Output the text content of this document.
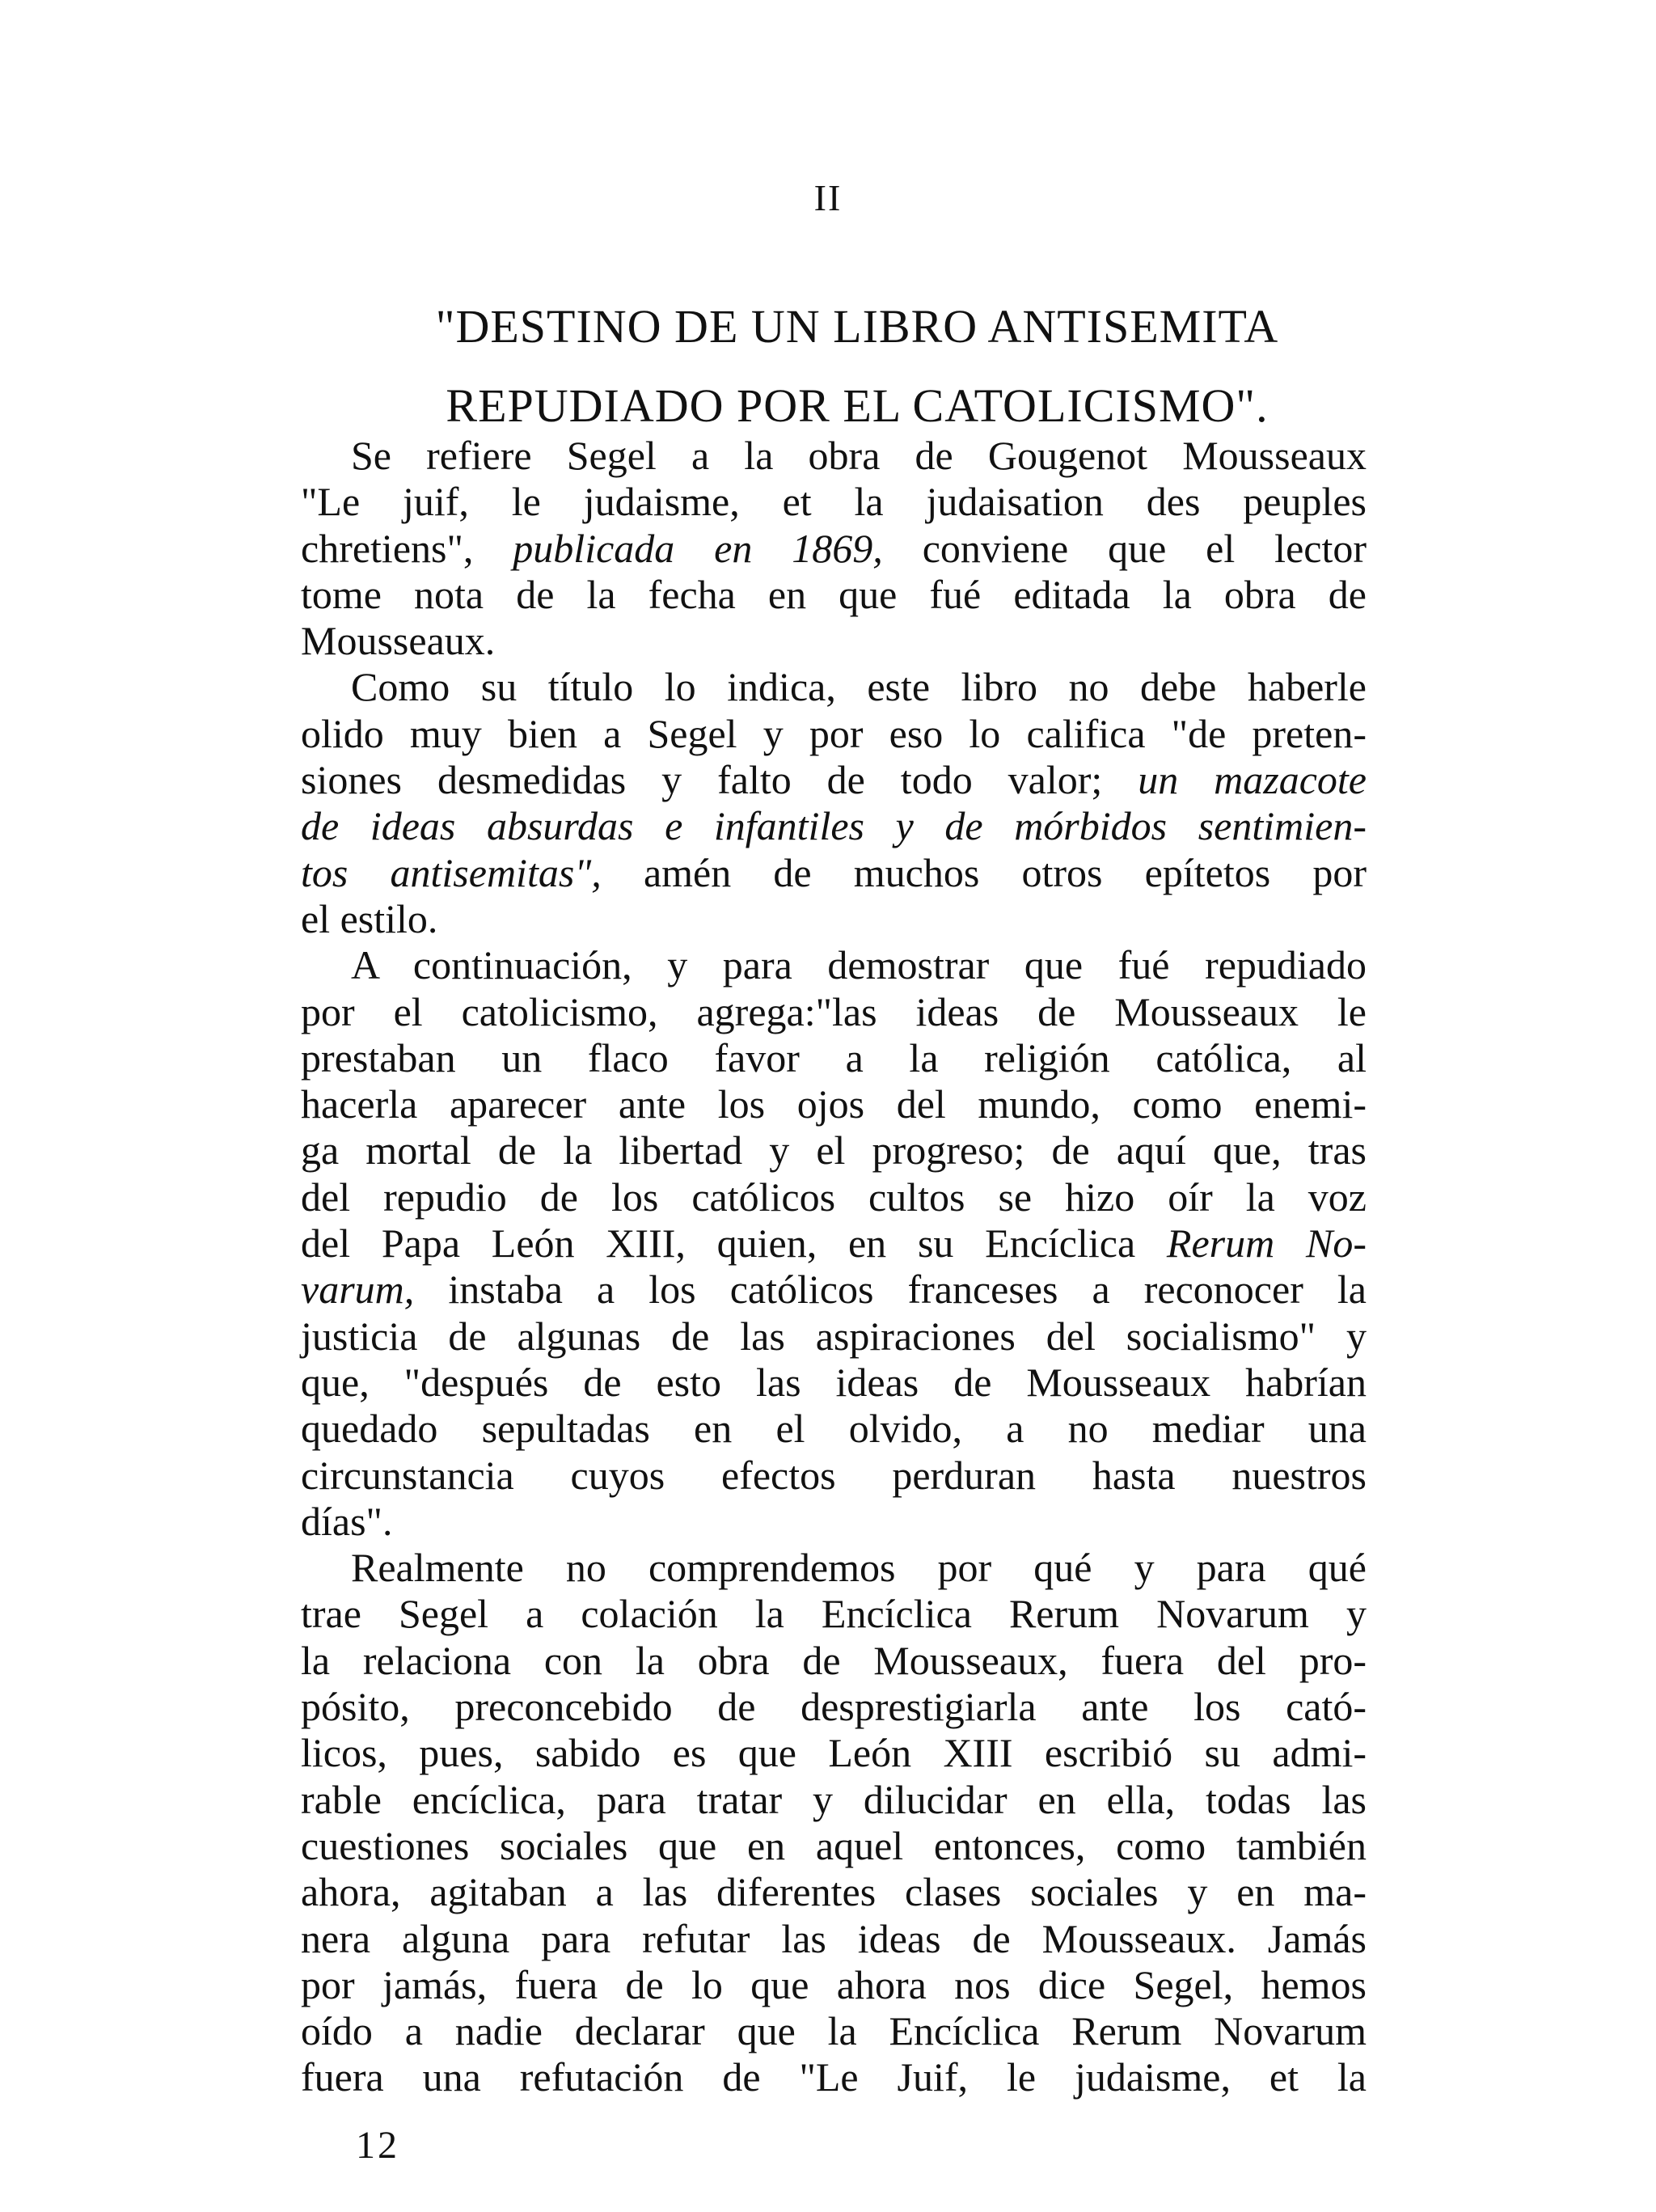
II
"DESTINO DE UN LIBRO ANTISEMITA
REPUDIADO POR EL CATOLICISMO".
Se refiere Segel a la obra de Gougenot Mousseaux
"Le juif, le judaisme, et la judaisation des peuples
chretiens", publicada en 1869, conviene que el lector
tome nota de la fecha en que fué editada la obra de
Mousseaux.
Como su título lo indica, este libro no debe haberle
olido muy bien a Segel y por eso lo califica "de preten-
siones desmedidas y falto de todo valor; un mazacote
de ideas absurdas e infantiles y de mórbidos sentimien-
tos antisemitas", amén de muchos otros epítetos por
el estilo.
A continuación, y para demostrar que fué repudiado
por el catolicismo, agrega:"las ideas de Mousseaux le
prestaban un flaco favor a la religión católica, al
hacerla aparecer ante los ojos del mundo, como enemi-
ga mortal de la libertad y el progreso; de aquí que, tras
del repudio de los católicos cultos se hizo oír la voz
del Papa León XIII, quien, en su Encíclica Rerum No-
varum, instaba a los católicos franceses a reconocer la
justicia de algunas de las aspiraciones del socialismo" y
que, "después de esto las ideas de Mousseaux habrían
quedado sepultadas en el olvido, a no mediar una
circunstancia cuyos efectos perduran hasta nuestros
días".
Realmente no comprendemos por qué y para qué
trae Segel a colación la Encíclica Rerum Novarum y
la relaciona con la obra de Mousseaux, fuera del pro-
pósito, preconcebido de desprestigiarla ante los cató-
licos, pues, sabido es que León XIII escribió su admi-
rable encíclica, para tratar y dilucidar en ella, todas las
cuestiones sociales que en aquel entonces, como también
ahora, agitaban a las diferentes clases sociales y en ma-
nera alguna para refutar las ideas de Mousseaux. Jamás
por jamás, fuera de lo que ahora nos dice Segel, hemos
oído a nadie declarar que la Encíclica Rerum Novarum
fuera una refutación de "Le Juif, le judaisme, et la

12
